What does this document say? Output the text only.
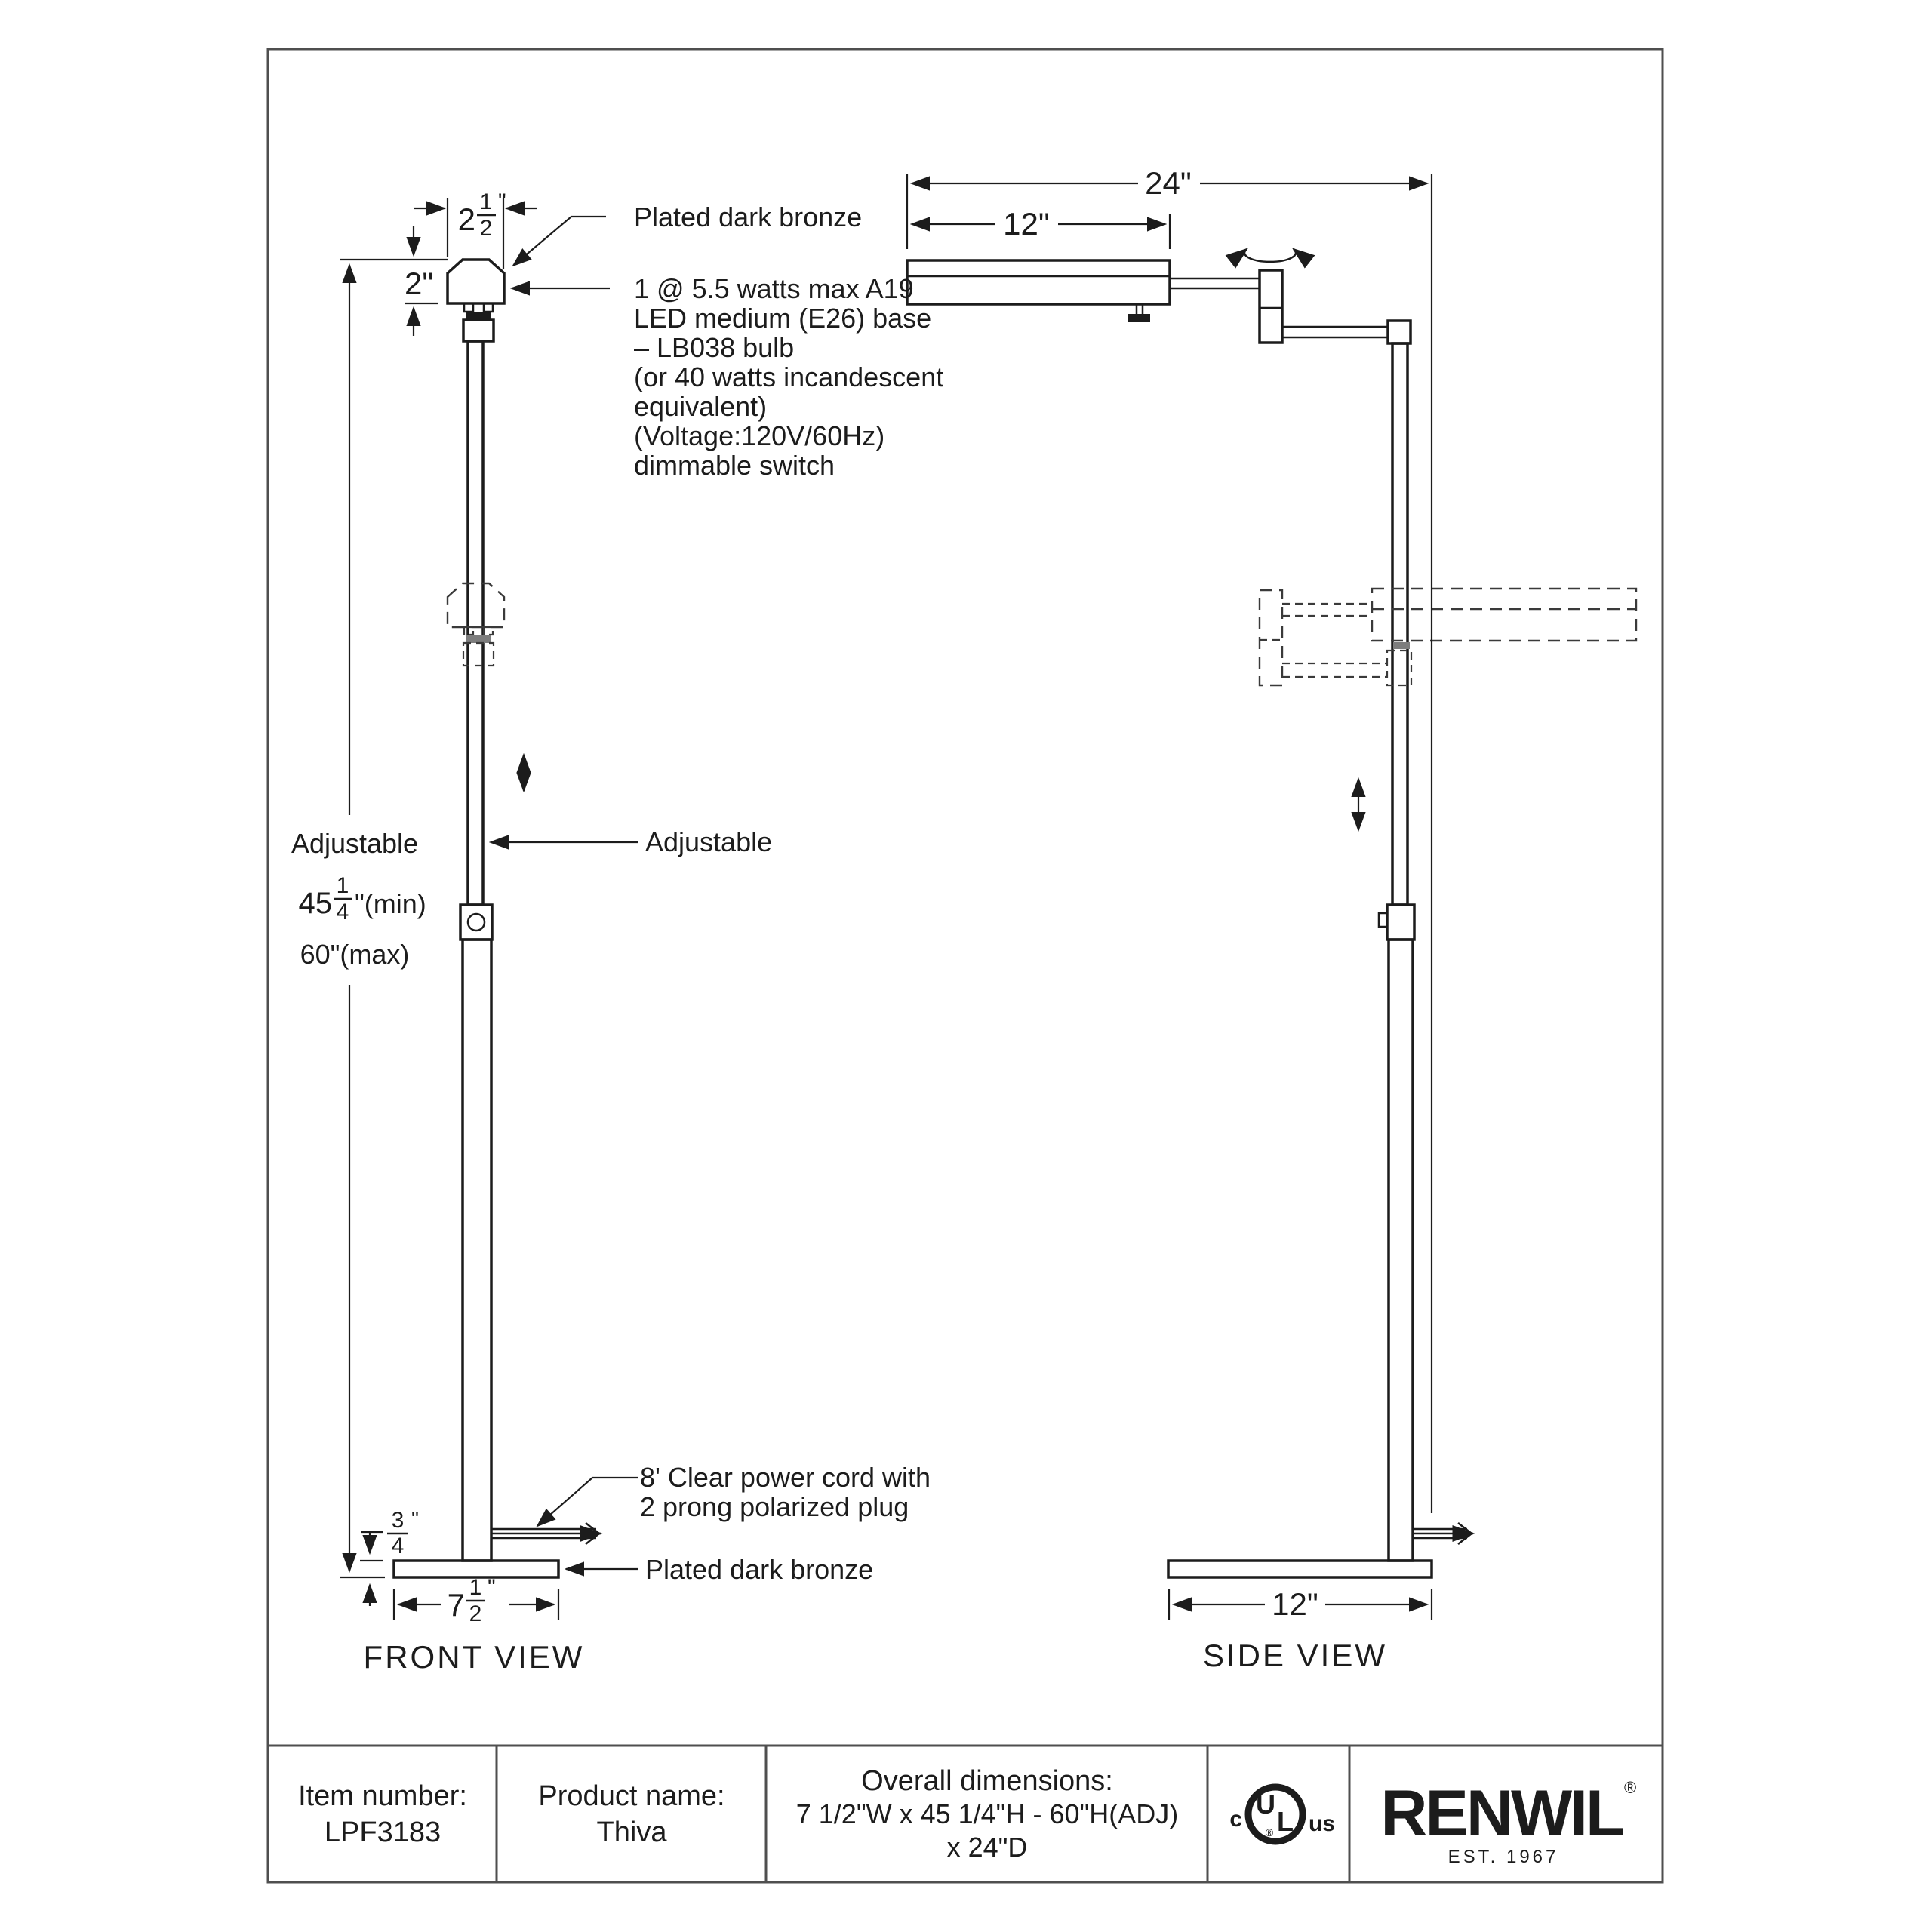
2 1
2
"
2"
45
1
4 "(min)
60"(max)
3
4
"
7 1
2
"
Plated dark bronze
1 @ 5.5 watts max A19
LED medium (E26) base
– LB038 bulb
(or 40 watts incandescent
equivalent)
(Voltage:120V/60Hz)
dimmable switch
Adjustable
Adjustable
8' Clear power cord with
2 prong polarized plug
Plated dark bronze
FRONT VIEW
24"
12"
12"
SIDE VIEW
Item number:
LPF3183
Product name:
Thiva
Overall dimensions:
7 1/2"W x 45 1/4"H - 60"H(ADJ)
x 24"D
U
L
®
c	us RENWIL ®
EST. 1967
